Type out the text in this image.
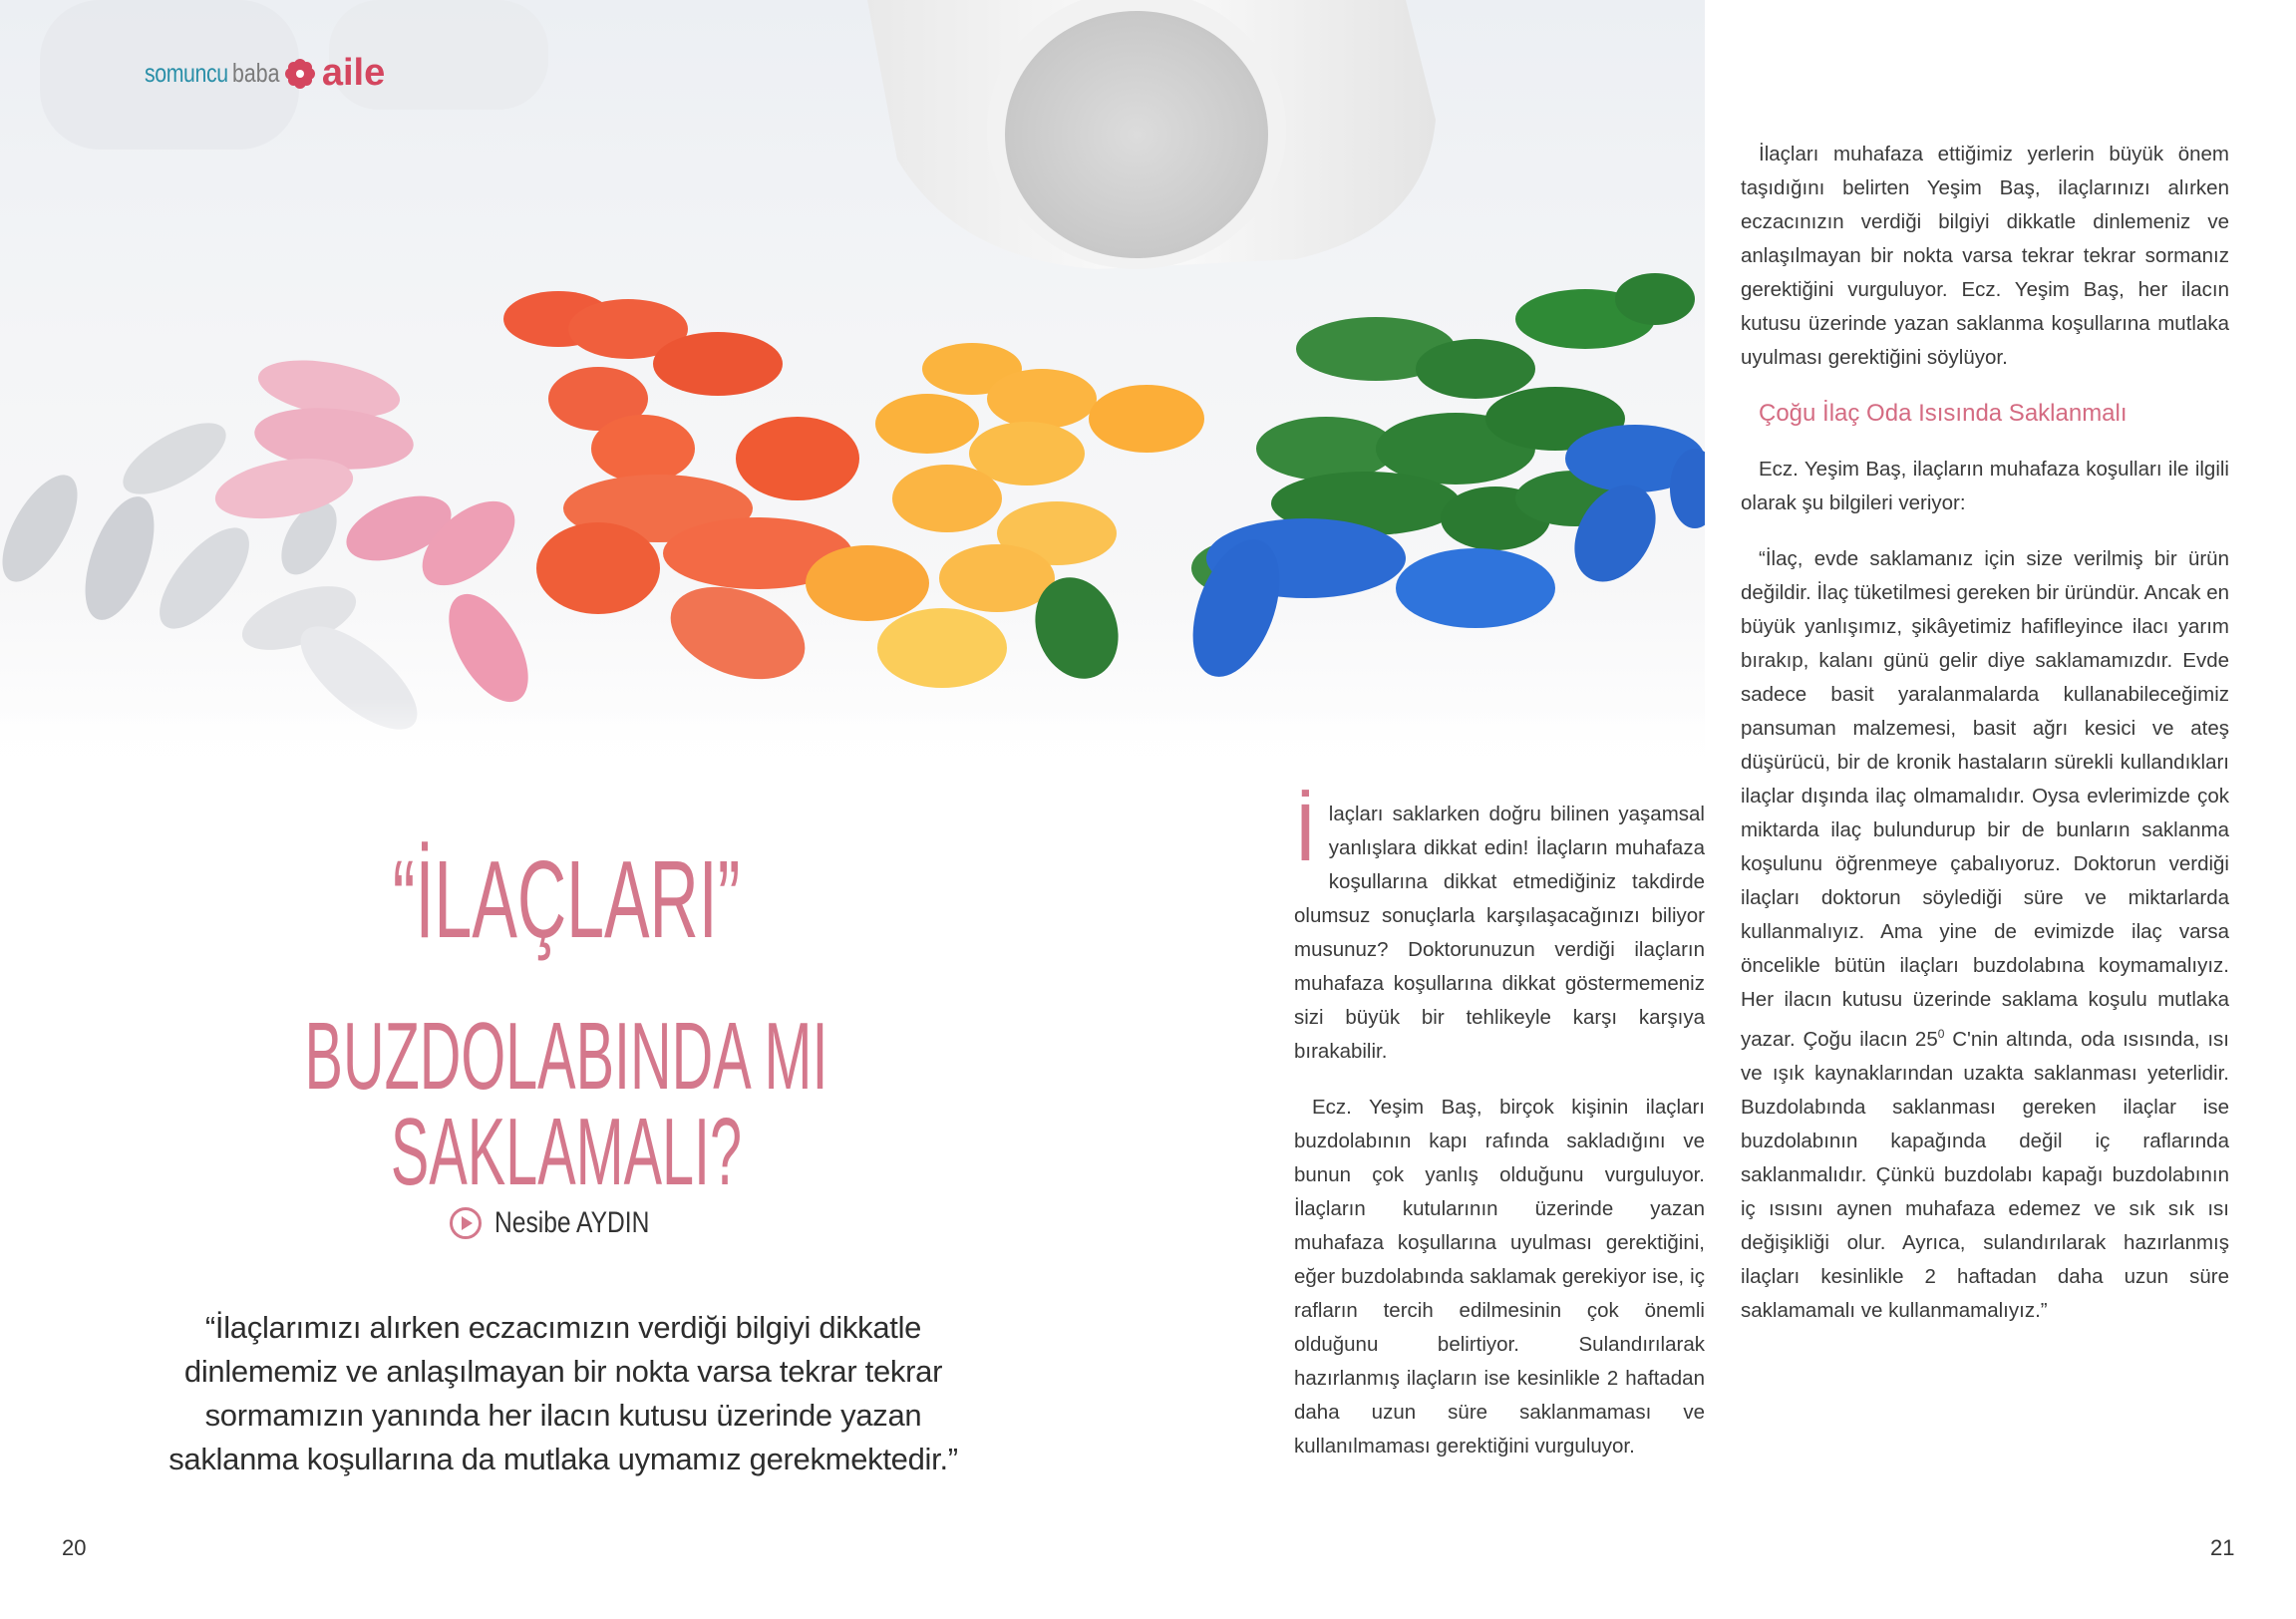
somuncu baba aile
“İLAÇLARI”
BUZDOLABINDA MI SAKLAMALI?
Nesibe AYDIN
“İlaçlarımızı alırken eczacımızın verdiği bilgiyi dikkatle dinlememiz ve anlaşılmayan bir nokta varsa tekrar tekrar sormamızın yanında her ilacın kutusu üzerinde yazan saklanma koşullarına da mutlaka uymamız gerekmektedir.”
20

İlaçları saklarken doğru bilinen yaşamsal yanlışlara dikkat edin! İlaçların muhafaza koşullarına dikkat etmediğiniz takdirde olumsuz sonuçlarla karşılaşacağınızı biliyor musunuz? Doktorunuzun verdiği ilaçların muhafaza koşullarına dikkat göstermemeniz sizi büyük bir tehlikeyle karşı karşıya bırakabilir.

Ecz. Yeşim Baş, birçok kişinin ilaçları buzdolabının kapı rafında sakladığını ve bunun çok yanlış olduğunu vurguluyor. İlaçların kutularının üzerinde yazan muhafaza koşullarına uyulması gerektiğini, eğer buzdolabında saklamak gerekiyor ise, iç rafların tercih edilmesinin çok önemli olduğunu belirtiyor. Sulandırılarak hazırlanmış ilaçların ise kesinlikle 2 haftadan daha uzun süre saklanmaması ve kullanılmaması gerektiğini vurguluyor.

İlaçları muhafaza ettiğimiz yerlerin büyük önem taşıdığını belirten Yeşim Baş, ilaçlarınızı alırken eczacınızın verdiği bilgiyi dikkatle dinlemeniz ve anlaşılmayan bir nokta varsa tekrar tekrar sormanız gerektiğini vurguluyor. Ecz. Yeşim Baş, her ilacın kutusu üzerinde yazan saklanma koşullarına mutlaka uyulması gerektiğini söylüyor.

Çoğu İlaç Oda Isısında Saklanmalı

Ecz. Yeşim Baş, ilaçların muhafaza koşulları ile ilgili olarak şu bilgileri veriyor:

“İlaç, evde saklamanız için size verilmiş bir ürün değildir. İlaç tüketilmesi gereken bir üründür. Ancak en büyük yanlışımız, şikâyetimiz hafifleyince ilacı yarım bırakıp, kalanı günü gelir diye saklamamızdır. Evde sadece basit yaralanmalarda kullanabileceğimiz pansuman malzemesi, basit ağrı kesici ve ateş düşürücü, bir de kronik hastaların sürekli kullandıkları ilaçlar dışında ilaç olmamalıdır. Oysa evlerimizde çok miktarda ilaç bulundurup bir de bunların saklanma koşulunu öğrenmeye çabalıyoruz. Doktorun verdiği ilaçları doktorun söylediği süre ve miktarlarda kullanmalıyız. Ama yine de evimizde ilaç varsa öncelikle bütün ilaçları buzdolabına koymamalıyız. Her ilacın kutusu üzerinde saklama koşulu mutlaka yazar. Çoğu ilacın $25^0$ C'nin altında, oda ısısında, ısı ve ışık kaynaklarından uzakta saklanması yeterlidir. Buzdolabında saklanması gereken ilaçlar ise buzdolabının kapağında değil iç raflarında saklanmalıdır. Çünkü buzdolabı kapağı buzdolabının iç ısısını aynen muhafaza edemez ve sık sık ısı değişikliği olur. Ayrıca, sulandırılarak hazırlanmış ilaçları kesinlikle 2 haftadan daha uzun süre saklamamalı ve kullanmamalıyız.”

21
